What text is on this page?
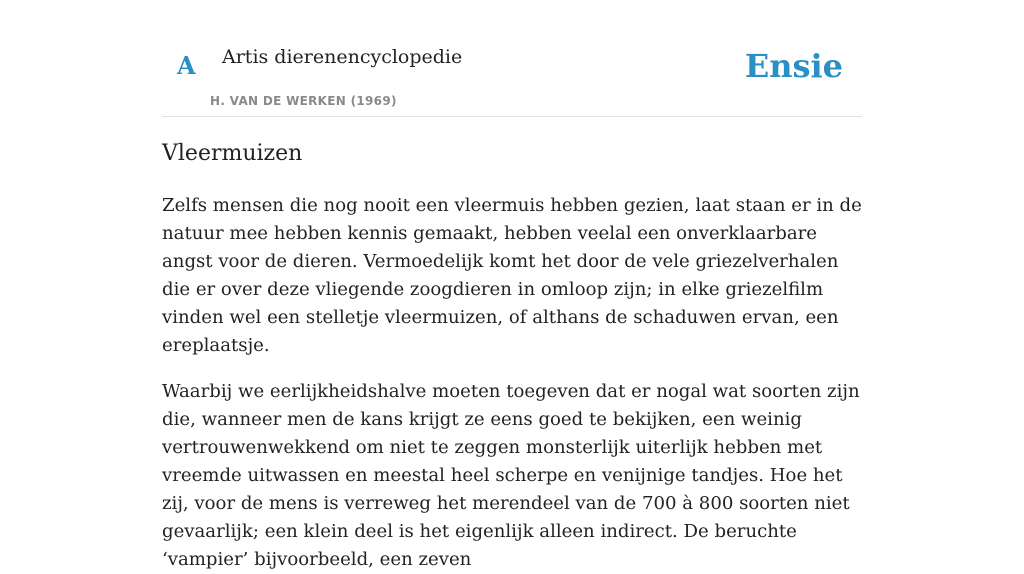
A Artis dierenencyclopedie
H. VAN DE WERKEN (1969)
Ensie
Vleermuizen

Zelfs mensen die nog nooit een vleermuis hebben gezien, laat staan er in de natuur mee hebben kennis gemaakt, hebben veelal een onverklaarbare angst voor de dieren. Vermoedelijk komt het door de vele griezelverhalen die er over deze vliegende zoogdieren in omloop zijn; in elke griezelfilm vinden wel een stelletje vleermuizen, of althans de schaduwen ervan, een ereplaatsje.

Waarbij we eerlijkheidshalve moeten toegeven dat er nogal wat soorten zijn die, wanneer men de kans krijgt ze eens goed te bekijken, een weinig vertrouwenwekkend om niet te zeggen monsterlijk uiterlijk hebben met vreemde uitwassen en meestal heel scherpe en venijnige tandjes. Hoe het zij, voor de mens is verreweg het merendeel van de 700 à 800 soorten niet gevaarlijk; een klein deel is het eigenlijk alleen indirect. De beruchte ‘vampier’ bijvoorbeeld, een zeven
